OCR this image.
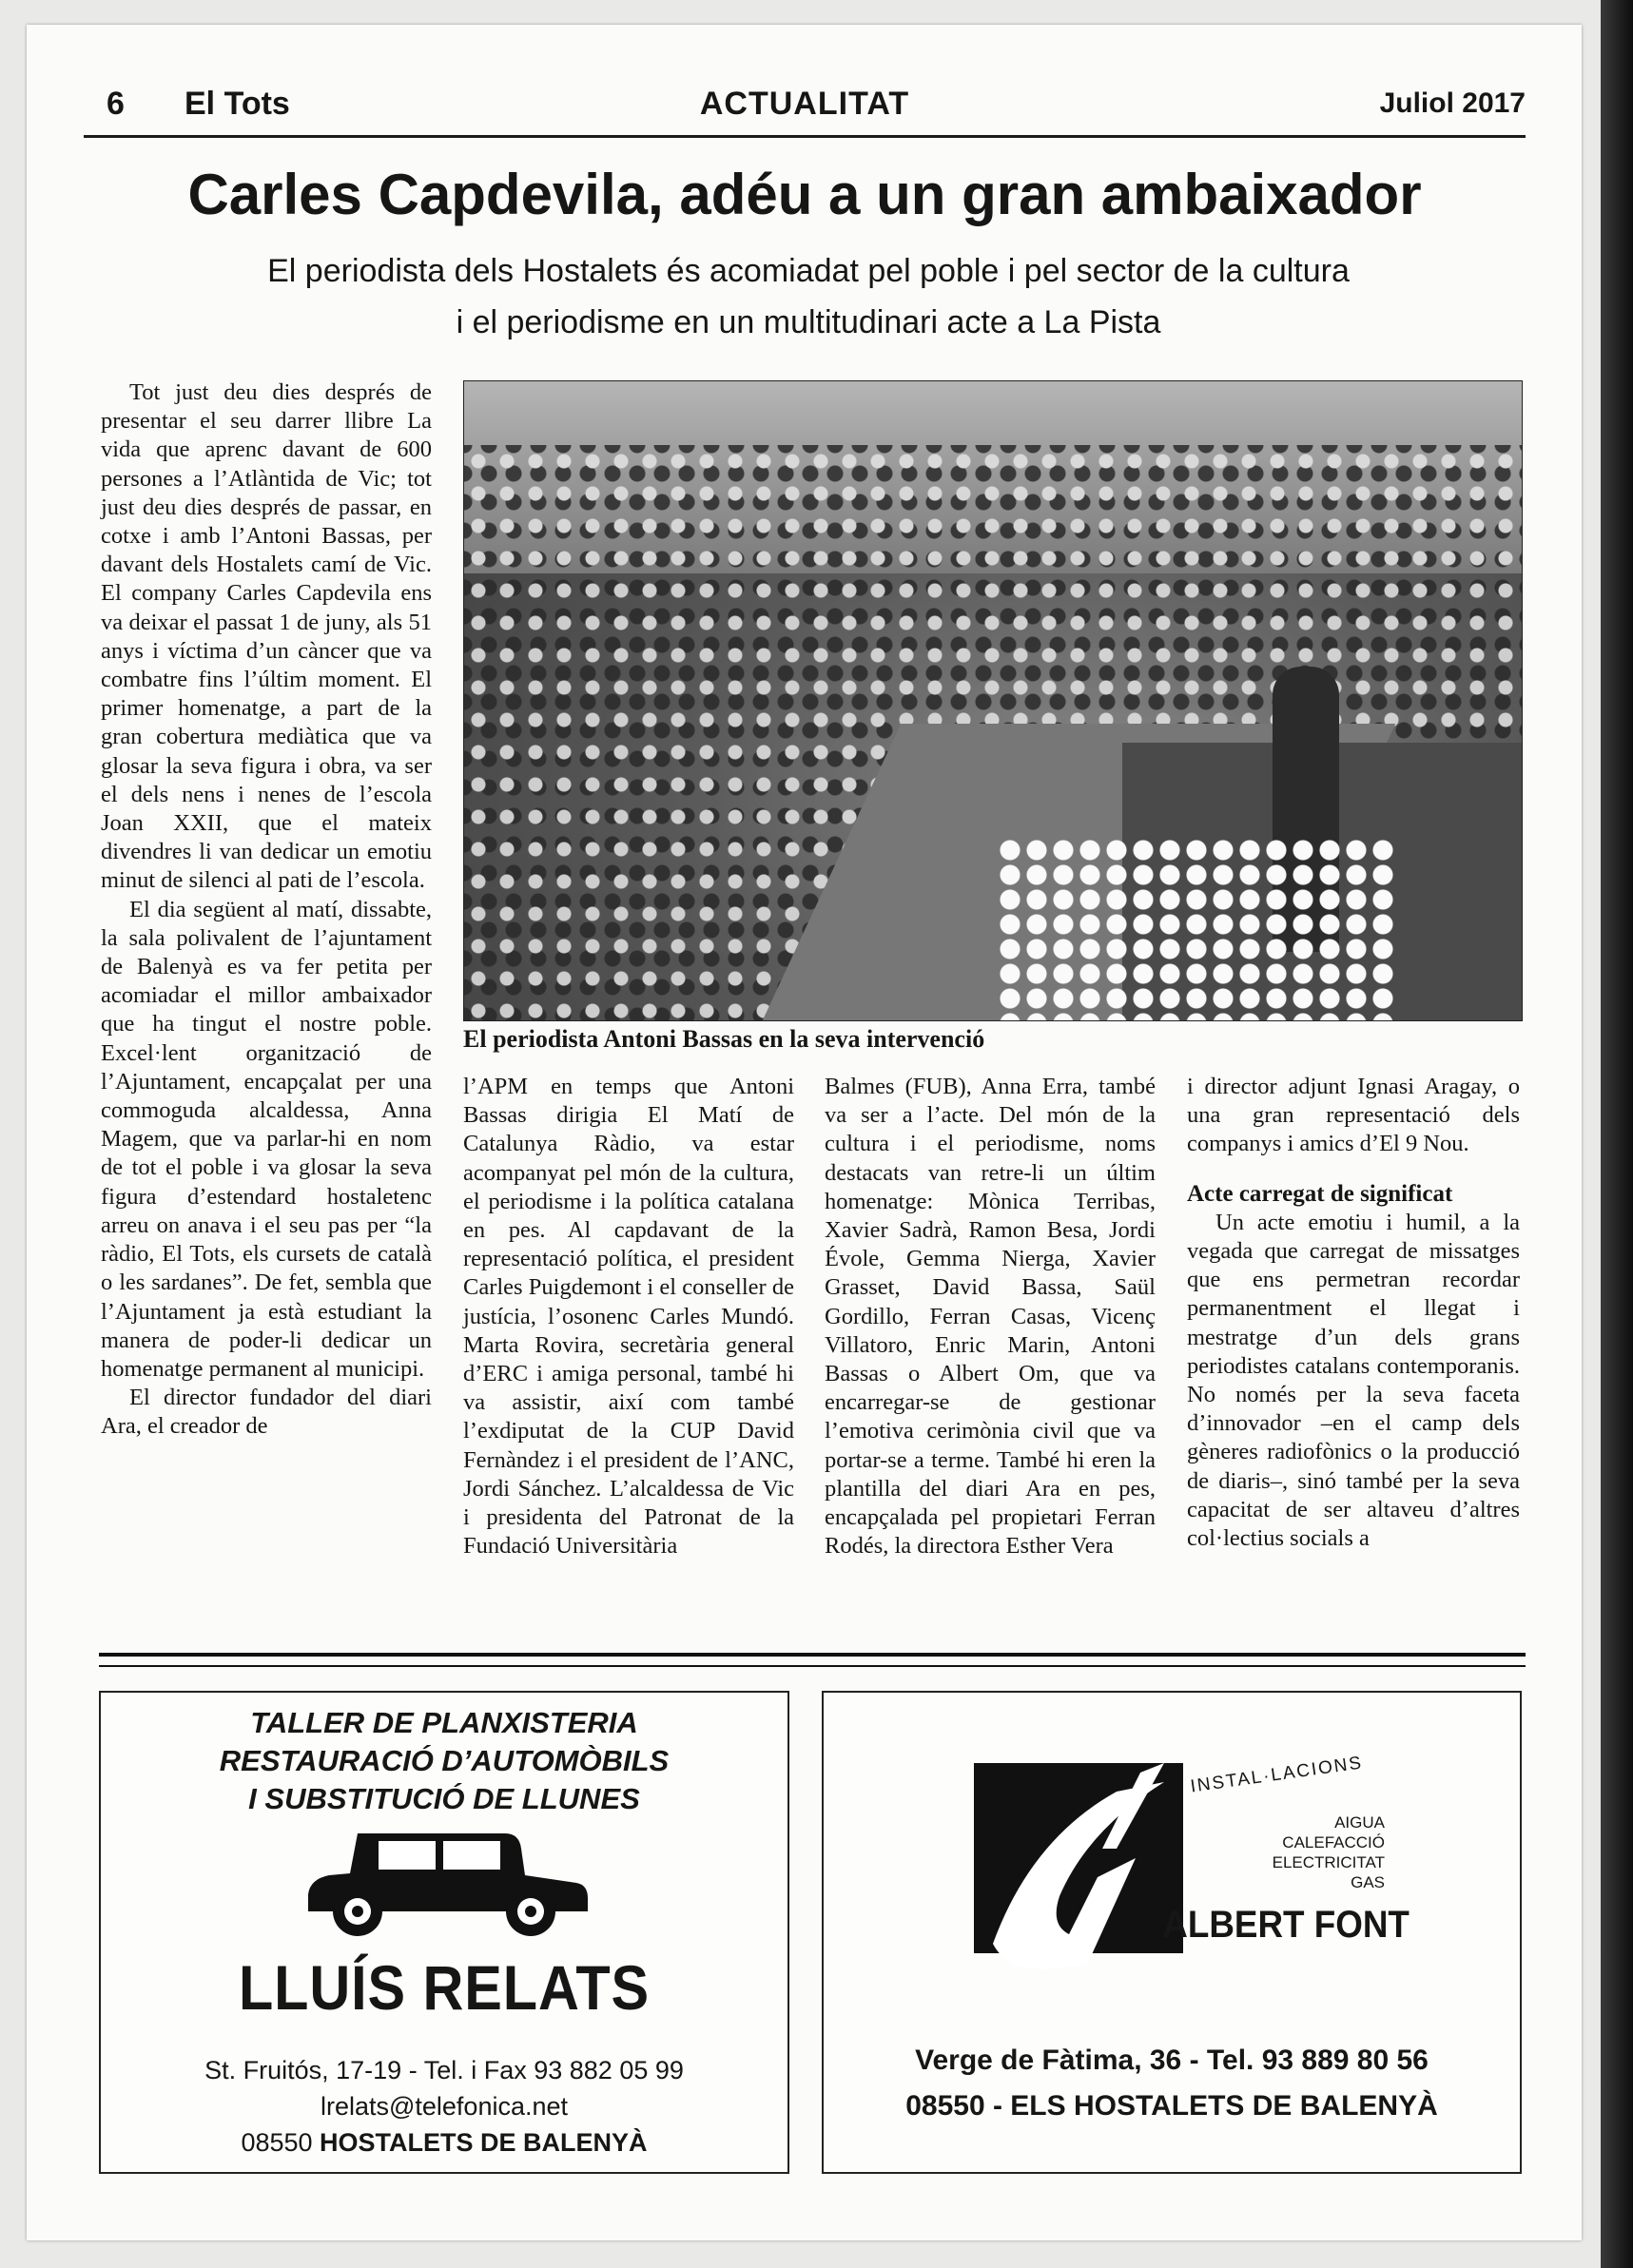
6 El Tots	ACTUALITAT	Juliol 2017
Carles Capdevila, adéu a un gran ambaixador
El periodista dels Hostalets és acomiadat pel poble i pel sector de la cultura
i el periodisme en un multitudinari acte a La Pista

Tot just deu dies després de presentar el seu darrer llibre La vida que aprenc davant de 600 persones a l’Atlàntida de Vic; tot just deu dies després de passar, en cotxe i amb l’Antoni Bassas, per davant dels Hostalets camí de Vic. El company Carles Capdevila ens va deixar el passat 1 de juny, als 51 anys i víctima d’un càncer que va combatre fins l’últim moment. El primer homenatge, a part de la gran cobertura mediàtica que va glosar la seva figura i obra, va ser el dels nens i nenes de l’escola Joan XXII, que el mateix divendres li van dedicar un emotiu minut de silenci al pati de l’escola.

El dia següent al matí, dissabte, la sala polivalent de l’ajuntament de Balenyà es va fer petita per acomiadar el millor ambaixador que ha tingut el nostre poble. Excel·lent organització de l’Ajuntament, encapçalat per una commoguda alcaldessa, Anna Magem, que va parlar-hi en nom de tot el poble i va glosar la seva figura d’estendard hostaletenc arreu on anava i el seu pas per “la ràdio, El Tots, els cursets de català o les sardanes”. De fet, sembla que l’Ajuntament ja està estudiant la manera de poder-li dedicar un homenatge permanent al municipi.

El director fundador del diari Ara, el creador de

El periodista Antoni Bassas en la seva intervenció

l’APM en temps que Antoni Bassas dirigia El Matí de Catalunya Ràdio, va estar acompanyat pel món de la cultura, el periodisme i la política catalana en pes. Al capdavant de la representació política, el president Carles Puigdemont i el conseller de justícia, l’osonenc Carles Mundó. Marta Rovira, secretària general d’ERC i amiga personal, també hi va assistir, així com també l’exdiputat de la CUP David Fernàndez i el president de l’ANC, Jordi Sánchez. L’alcaldessa de Vic i presidenta del Patronat de la Fundació Universitària

Balmes (FUB), Anna Erra, també va ser a l’acte. Del món de la cultura i el periodisme, noms destacats van retre-li un últim homenatge: Mònica Terribas, Xavier Sadrà, Ramon Besa, Jordi Évole, Gemma Nierga, Xavier Grasset, David Bassa, Saül Gordillo, Ferran Casas, Vicenç Villatoro, Enric Marin, Antoni Bassas o Albert Om, que va encarregar-se de gestionar l’emotiva cerimònia civil que va portar-se a terme. També hi eren la plantilla del diari Ara en pes, encapçalada pel propietari Ferran Rodés, la directora Esther Vera

i director adjunt Ignasi Aragay, o una gran representació dels companys i amics d’El 9 Nou.

Acte carregat de significat

Un acte emotiu i humil, a la vegada que carregat de missatges que ens permetran recordar permanentment el llegat i mestratge d’un dels grans periodistes catalans contemporanis. No només per la seva faceta d’innovador –en el camp dels gèneres radiofònics o la producció de diaris–, sinó també per la seva capacitat de ser altaveu d’altres col·lectius socials a

TALLER DE PLANXISTERIA
RESTAURACIÓ D’AUTOMÒBILS
I SUBSTITUCIÓ DE LLUNES
LLUÍS RELATS
St. Fruitós, 17-19 - Tel. i Fax 93 882 05 99
lrelats@telefonica.net
08550 HOSTALETS DE BALENYÀ
INSTAL·LACIONS
AIGUA
CALEFACCIÓ
ELECTRICITAT
GAS
ALBERT FONT
Verge de Fàtima, 36 - Tel. 93 889 80 56
08550 - ELS HOSTALETS DE BALENYÀ
